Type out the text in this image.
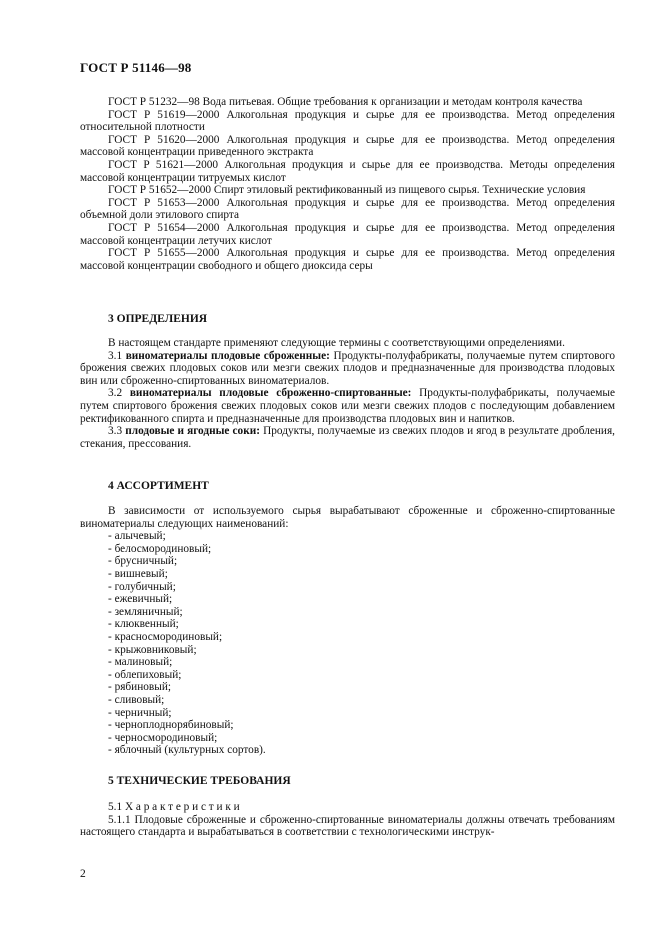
ГОСТ Р 51146—98

ГОСТ Р 51232—98 Вода питьевая. Общие требования к организации и методам контроля качества

ГОСТ Р 51619—2000 Алкогольная продукция и сырье для ее производства. Метод определения относительной плотности

ГОСТ Р 51620—2000 Алкогольная продукция и сырье для ее производства. Метод определения массовой концентрации приведенного экстракта

ГОСТ Р 51621—2000 Алкогольная продукция и сырье для ее производства. Методы определения массовой концентрации титруемых кислот

ГОСТ Р 51652—2000 Спирт этиловый ректификованный из пищевого сырья. Технические условия

ГОСТ Р 51653—2000 Алкогольная продукция и сырье для ее производства. Метод определения объемной доли этилового спирта

ГОСТ Р 51654—2000 Алкогольная продукция и сырье для ее производства. Метод определения массовой концентрации летучих кислот

ГОСТ Р 51655—2000 Алкогольная продукция и сырье для ее производства. Метод определения массовой концентрации свободного и общего диоксида серы

3 ОПРЕДЕЛЕНИЯ

В настоящем стандарте применяют следующие термины с соответствующими определениями.

3.1 виноматериалы плодовые сброженные: Продукты-полуфабрикаты, получаемые путем спиртового брожения свежих плодовых соков или мезги свежих плодов и предназначенные для производства плодовых вин или сброженно-спиртованных виноматериалов.

3.2 виноматериалы плодовые сброженно-спиртованные: Продукты-полуфабрикаты, получаемые путем спиртового брожения свежих плодовых соков или мезги свежих плодов с последующим добавлением ректификованного спирта и предназначенные для производства плодовых вин и напитков.

3.3 плодовые и ягодные соки: Продукты, получаемые из свежих плодов и ягод в результате дробления, стекания, прессования.

4 АССОРТИМЕНТ

В зависимости от используемого сырья вырабатывают сброженные и сброженно-спиртованные виноматериалы следующих наименований:

- алычевый;
- белосмородиновый;
- брусничный;
- вишневый;
- голубичный;
- ежевичный;
- земляничный;
- клюквенный;
- красносмородиновый;
- крыжовниковый;
- малиновый;
- облепиховый;
- рябиновый;
- сливовый;
- черничный;
- черноплоднорябиновый;
- черносмородиновый;
- яблочный (культурных сортов).
5 ТЕХНИЧЕСКИЕ ТРЕБОВАНИЯ

5.1 Характеристики

5.1.1 Плодовые сброженные и сброженно-спиртованные виноматериалы должны отвечать требованиям настоящего стандарта и вырабатываться в соответствии с технологическими инструк-

2
